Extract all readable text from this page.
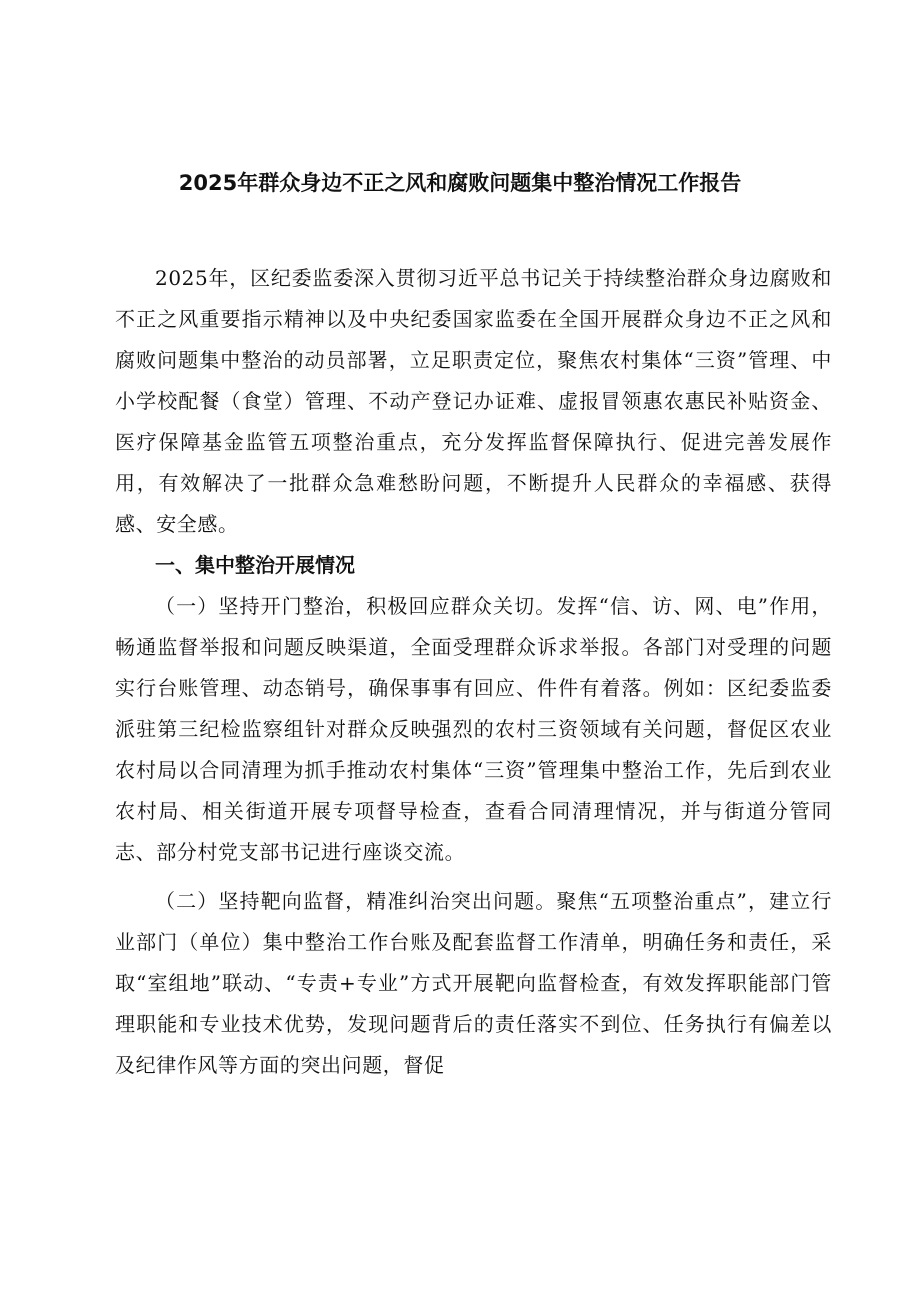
2025年群众身边不正之风和腐败问题集中整治情况工作报告

2025年，区纪委监委深入贯彻习近平总书记关于持续整治群众身边腐败和不正之风重要指示精神以及中央纪委国家监委在全国开展群众身边不正之风和腐败问题集中整治的动员部署，立足职责定位，聚焦农村集体“三资”管理、中小学校配餐（食堂）管理、不动产登记办证难、虚报冒领惠农惠民补贴资金、医疗保障基金监管五项整治重点，充分发挥监督保障执行、促进完善发展作用，有效解决了一批群众急难愁盼问题，不断提升人民群众的幸福感、获得感、安全感。

一、集中整治开展情况

（一）坚持开门整治，积极回应群众关切。发挥“信、访、网、电”作用，畅通监督举报和问题反映渠道，全面受理群众诉求举报。各部门对受理的问题实行台账管理、动态销号，确保事事有回应、件件有着落。例如：区纪委监委派驻第三纪检监察组针对群众反映强烈的农村三资领域有关问题，督促区农业农村局以合同清理为抓手推动农村集体“三资”管理集中整治工作，先后到农业农村局、相关街道开展专项督导检查，查看合同清理情况，并与街道分管同志、部分村党支部书记进行座谈交流。

（二）坚持靶向监督，精准纠治突出问题。聚焦“五项整治重点”，建立行业部门（单位）集中整治工作台账及配套监督工作清单，明确任务和责任，采取“室组地”联动、“专责+专业”方式开展靶向监督检查，有效发挥职能部门管理职能和专业技术优势，发现问题背后的责任落实不到位、任务执行有偏差以及纪律作风等方面的突出问题，督促
